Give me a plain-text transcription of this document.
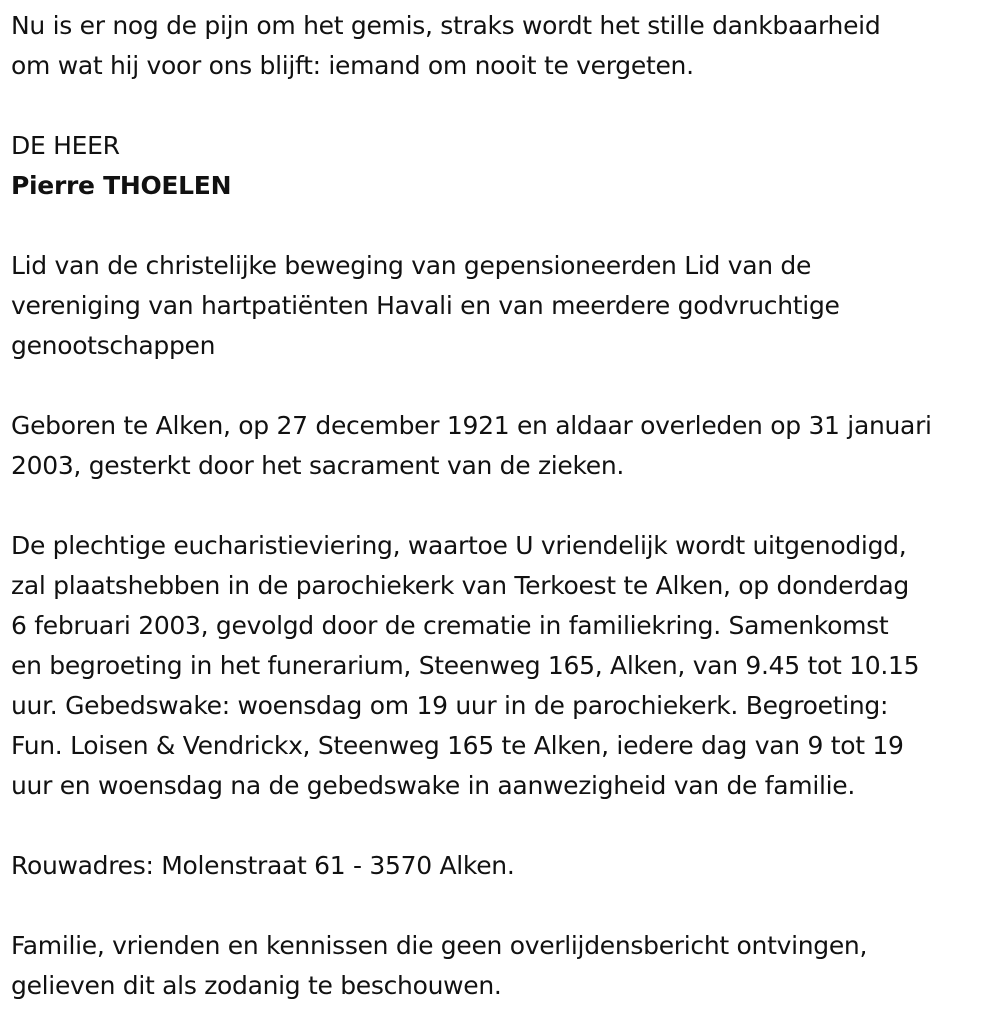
Nu is er nog de pijn om het gemis, straks wordt het stille dankbaarheid
om wat hij voor ons blijft: iemand om nooit te vergeten.
DE HEER
Pierre THOELEN
Lid van de christelijke beweging van gepensioneerden Lid van de
vereniging van hartpatiënten Havali en van meerdere godvruchtige
genootschappen
Geboren te Alken, op 27 december 1921 en aldaar overleden op 31 januari
2003, gesterkt door het sacrament van de zieken.
De plechtige eucharistieviering, waartoe U vriendelijk wordt uitgenodigd,
zal plaatshebben in de parochiekerk van Terkoest te Alken, op donderdag
6 februari 2003, gevolgd door de crematie in familiekring. Samenkomst
en begroeting in het funerarium, Steenweg 165, Alken, van 9.45 tot 10.15
uur. Gebedswake: woensdag om 19 uur in de parochiekerk. Begroeting:
Fun. Loisen & Vendrickx, Steenweg 165 te Alken, iedere dag van 9 tot 19
uur en woensdag na de gebedswake in aanwezigheid van de familie.
Rouwadres: Molenstraat 61 - 3570 Alken.
Familie, vrienden en kennissen die geen overlijdensbericht ontvingen,
gelieven dit als zodanig te beschouwen.
